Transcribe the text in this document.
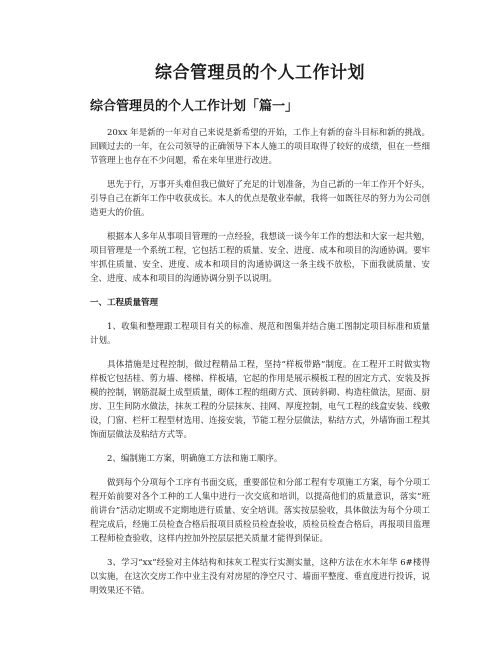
综合管理员的个人工作计划
综合管理员的个人工作计划「篇一」

20xx 年是新的一年对自己来说是新希望的开始，工作上有新的奋斗目标和新的挑战。回顾过去的一年，在公司领导的正确领导下本人施工的项目取得了较好的成绩，但在一些细节管理上也存在不少问题，希在来年里进行改进。

思先于行，万事开头难但我已做好了充足的计划准备，为自己新的一年工作开个好头，引导自己在新年工作中收获成长。本人的优点是敬业奉献，我将一如既往尽的努力为公司创造更大的价值。

根据本人多年从事项目管理的一点经验，我想谈一谈今年工作的想法和大家一起共勉，项目管理是一个系统工程，它包括工程的质量、安全、进度、成本和项目的沟通协调。要牢牢抓住质量、安全、进度、成本和项目的沟通协调这一条主线不放松，下面我就质量、安全、进度、成本和项目的沟通协调分别予以说明。

一、工程质量管理

1、收集和整理跟工程项目有关的标准、规范和图集并结合施工图制定项目标准和质量计划。

具体措施是过程控制，做过程精品工程，坚持“样板带路”制度。在工程开工时做实物样板它包括桂、剪力墙、楼梯、样板墙，它起的作用是展示模板工程的固定方式、安装及拆模的控制，钢筋混凝土成型质量，砌体工程的组砌方式、顶砖斜砌、构造柱做法，屋面、厨房、卫生间防水做法，抹灰工程的分层抹灰、挂网、厚度控制，电气工程的线盒安装、线敷设，门窗、栏杆工程型材选用、连接安装，节能工程分层做法，粘结方式，外墙饰面工程其饰面层做法及粘结方式等。

2、编制施工方案，明确施工方法和施工顺序。

做到每个分项每个工序有书面交底，重要部位和分部工程有专项施工方案，每个分项工程开始前要对各个工种的工人集中进行一次交底和培训，以提高他们的质量意识，落实“班前讲台”活动定期或不定期地进行质量、安全培训。落实按层验收，具体做法为每个分项工程完成后，经施工员检查合格后报项目质检员检查验收，质检员检查合格后，再报项目监理工程师检查验收，这样内控加外控层层把关质量才能得到保证。

3、学习“xx”经验对主体结构和抹灰工程实行实测实量，这种方法在水木年华 6#楼得以实施，在这次交房工作中业主没有对房屋的净空尺寸、墙面平整度、垂直度进行投诉，说明效果还不错。
